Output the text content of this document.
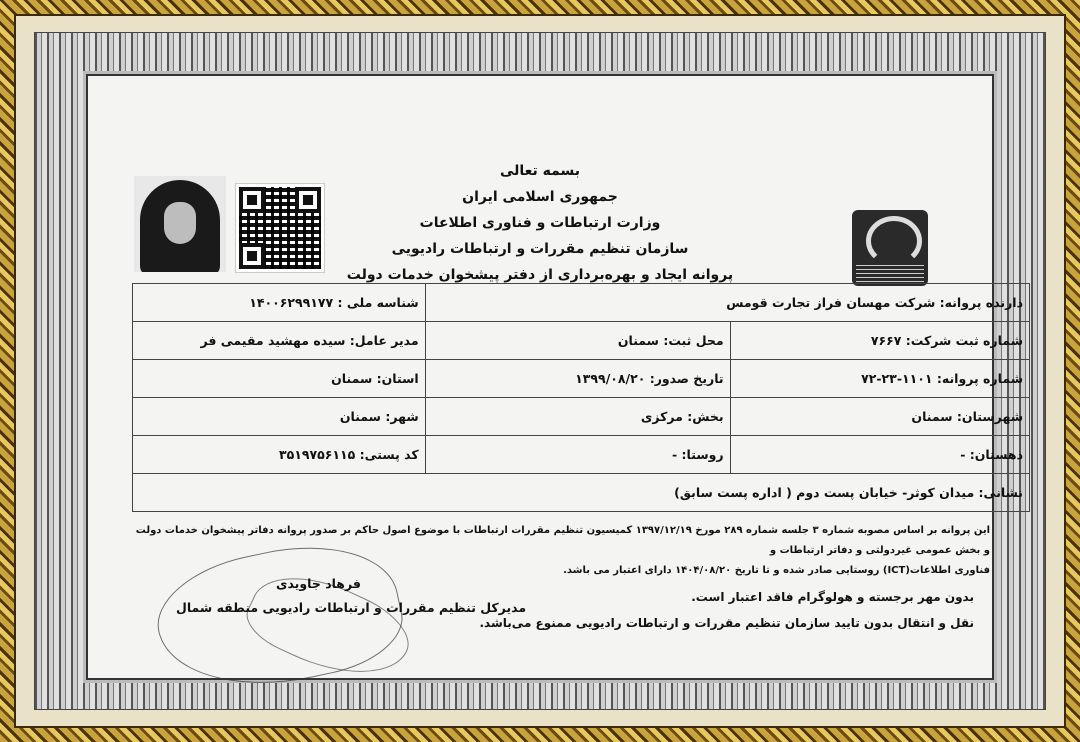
بسمه تعالی
جمهوری اسلامی ایران
وزارت ارتباطات و فناوری اطلاعات
سازمان تنظیم مقررات و ارتباطات رادیویی
پروانه ایجاد و بهره‌برداری از دفتر پیشخوان خدمات دولت
دارنده پروانه: شرکت مهسان فراز تجارت قومس		شناسه ملی : ۱۴۰۰۶۲۹۹۱۷۷
شماره ثبت شرکت: ۷۶۶۷	محل ثبت: سمنان	مدیر عامل: سیده مهشید مقیمی فر
شماره پروانه: ۱۱۰۱-۲۳-۷۲	تاریخ صدور: ۱۳۹۹/۰۸/۲۰	استان: سمنان
شهرستان: سمنان	بخش: مرکزی	شهر: سمنان
دهستان: -	روستا: -	کد پستی: ۳۵۱۹۷۵۶۱۱۵
نشانی: میدان کوثر- خیابان پست دوم ( اداره پست سابق)		
این پروانه بر اساس مصوبه شماره ۳ جلسه شماره ۲۸۹ مورخ ۱۳۹۷/۱۲/۱۹ کمیسیون تنظیم مقررات ارتباطات با موضوع اصول حاکم بر صدور پروانه دفاتر پیشخوان خدمات دولت و بخش عمومی غیردولتی و دفاتر ارتباطات و
فناوری اطلاعات(ICT) روستایی صادر شده و تا تاریخ ۱۴۰۴/۰۸/۲۰ دارای اعتبار می باشد.
فرهاد جاویدی
مدیرکل تنظیم مقررات و ارتباطات رادیویی منطقه شمال
بدون مهر برجسته و هولوگرام فاقد اعتبار است.
نقل و انتقال بدون تایید سازمان تنظیم مقررات و ارتباطات رادیویی ممنوع می‌باشد.
